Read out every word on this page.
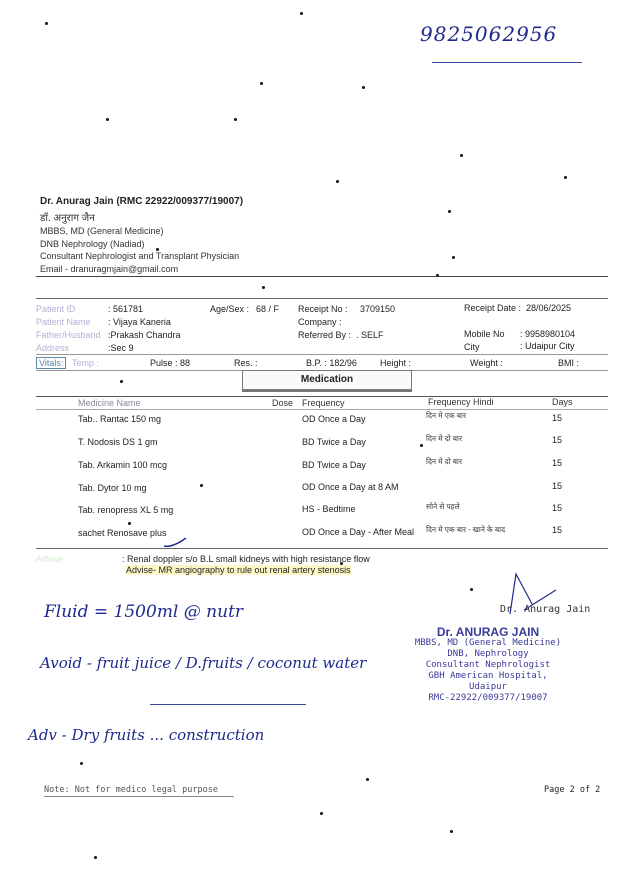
9825062956
Dr. Anurag Jain (RMC 22922/009377/19007)
डॉ. अनुराग जैन
MBBS, MD (General Medicine)
DNB Nephrology (Nadiad)
Consultant Nephrologist and Transplant Physician
Email - dranuragmjain@gmail.com
Patient ID	: 561781
Patient Name : Vijaya Kaneria
Father/Husband :Prakash Chandra
Address	:Sec 9
Age/Sex : 68 / F Receipt No : 3709150
Company :
Referred By : . SELF
Receipt Date : 28/06/2025
Mobile No : 9958980104
City	: Udaipur City
Vitals: Temp :	Pulse : 88	Res. :	B.P. : 182/96	Height :	Weight :	BMI :
Medication
Medicine Name	Dose Frequency	Frequency Hindi	Days
Tab.. Rantac 150 mg	OD Once a Day	दिन मे एक बार	15
T. Nodosis DS 1 gm	BD Twice a Day	दिन मे दो बार	15
Tab. Arkamin 100 mcg	BD Twice a Day	दिन मे दो बार	15
Tab. Dytor 10 mg	OD Once a Day at 8 AM	15
Tab. renopress XL 5 mg	HS - Bedtime	सोने से पहले	15
sachet Renosave plus	OD Once a Day - After Meal दिन मे एक बार - खाने के बाद	15
Advise	: Renal doppler s/o B.L small kidneys with high resistance flow
Advise- MR angiography to rule out renal artery stenosis
Dr. Anurag Jain
Dr. ANURAG JAIN
MBBS, MD (General Medicine)
DNB, Nephrology
Consultant Nephrologist
GBH American Hospital, Udaipur
RMC-22922/009377/19007
Fluid = 1500ml @ nutr
Avoid - fruit juice / D.fruits / coconut water
Adv - Dry fruits ... construction
Note: Not for medico legal purpose	Page 2 of 2
